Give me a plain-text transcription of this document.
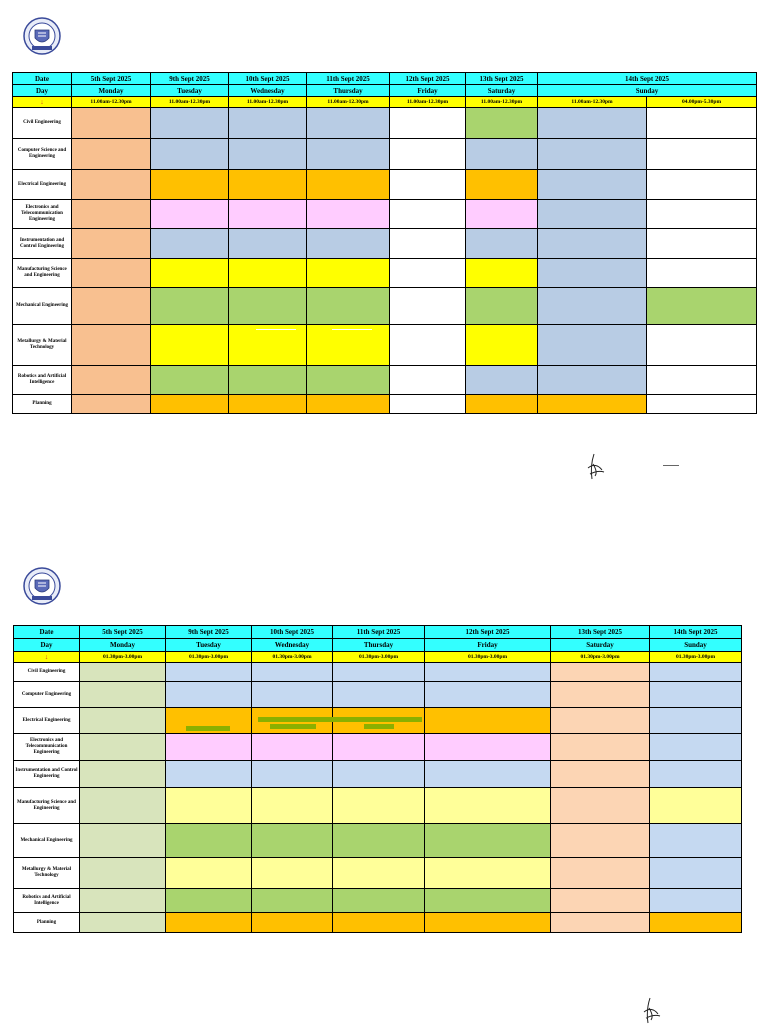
Date	5th Sept 2025	9th Sept 2025	10th Sept 2025	11th Sept 2025	12th Sept 2025	13th Sept 2025	14th Sept 2025	
Day	Monday	Tuesday	Wednesday	Thursday	Friday	Saturday	Sunday	
↓	11.00am-12.30pm	11.00am-12.30pm	11.00am-12.30pm	11.00am-12.30pm	11.00am-12.30pm	11.00am-12.30pm	11.00am-12.30pm	04.00pm-5.30pm
Civil Engineering								
Computer Science and Engineering								
Electrical Engineering								
Electronics and Telecommunication Engineering								
Instrumentation and Control Engineering								
Manufacturing Science and Engineering								
Mechanical Engineering								
Metallurgy & Material Technology								
Robotics and Artificial Intelligence								
Planning								
Date	5th Sept 2025	9th Sept 2025	10th Sept 2025	11th Sept 2025	12th Sept 2025	13th Sept 2025	14th Sept 2025
Day	Monday	Tuesday	Wednesday	Thursday	Friday	Saturday	Sunday
↓	01.30pm-3.00pm	01.30pm-3.00pm	01.30pm-3.00pm	01.30pm-3.00pm	01.30pm-3.00pm	01.30pm-3.00pm	01.30pm-3.00pm
Civil Engineering							
Computer Engineering							
Electrical Engineering							
Electronics and Telecommunication Engineering							
Instrumentation and Control Engineering							
Manufacturing Science and Engineering							
Mechanical Engineering							
Metallurgy & Material Technology							
Robotics and Artificial Intelligence							
Planning							
